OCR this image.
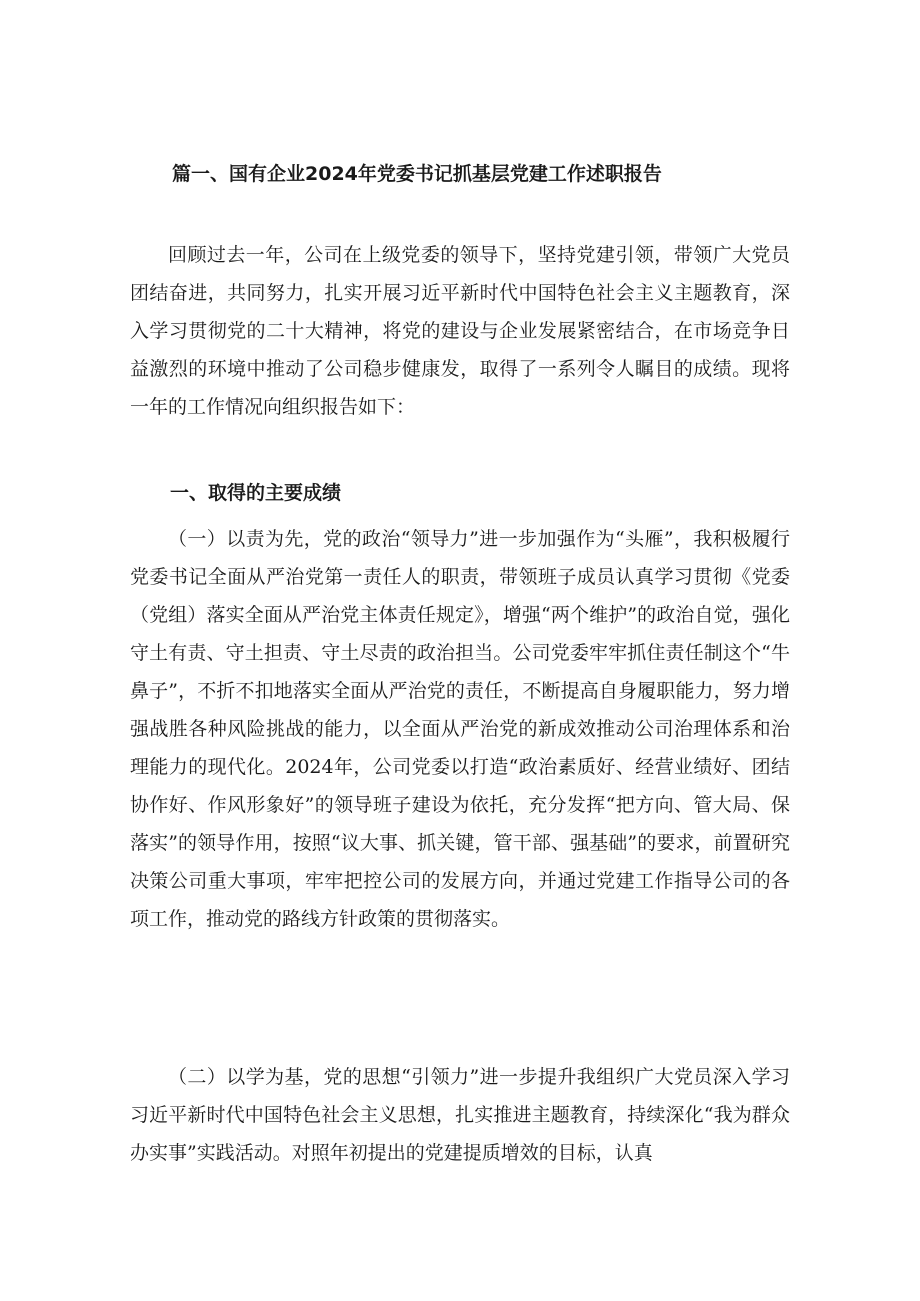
篇一、国有企业2024年党委书记抓基层党建工作述职报告

回顾过去一年，公司在上级党委的领导下，坚持党建引领，带领广大党员团结奋进，共同努力，扎实开展习近平新时代中国特色社会主义主题教育，深入学习贯彻党的二十大精神，将党的建设与企业发展紧密结合，在市场竞争日益激烈的环境中推动了公司稳步健康发，取得了一系列令人瞩目的成绩。现将一年的工作情况向组织报告如下：

一、取得的主要成绩

（一）以责为先，党的政治“领导力”进一步加强作为“头雁”，我积极履行党委书记全面从严治党第一责任人的职责，带领班子成员认真学习贯彻《党委（党组）落实全面从严治党主体责任规定》，增强“两个维护”的政治自觉，强化守土有责、守土担责、守土尽责的政治担当。公司党委牢牢抓住责任制这个“牛鼻子”，不折不扣地落实全面从严治党的责任，不断提高自身履职能力，努力增强战胜各种风险挑战的能力，以全面从严治党的新成效推动公司治理体系和治理能力的现代化。2024年，公司党委以打造“政治素质好、经营业绩好、团结协作好、作风形象好”的领导班子建设为依托，充分发挥“把方向、管大局、保落实”的领导作用，按照“议大事、抓关键，管干部、强基础”的要求，前置研究决策公司重大事项，牢牢把控公司的发展方向，并通过党建工作指导公司的各项工作，推动党的路线方针政策的贯彻落实。

（二）以学为基，党的思想“引领力”进一步提升我组织广大党员深入学习习近平新时代中国特色社会主义思想，扎实推进主题教育，持续深化“我为群众办实事”实践活动。对照年初提出的党建提质增效的目标，认真
